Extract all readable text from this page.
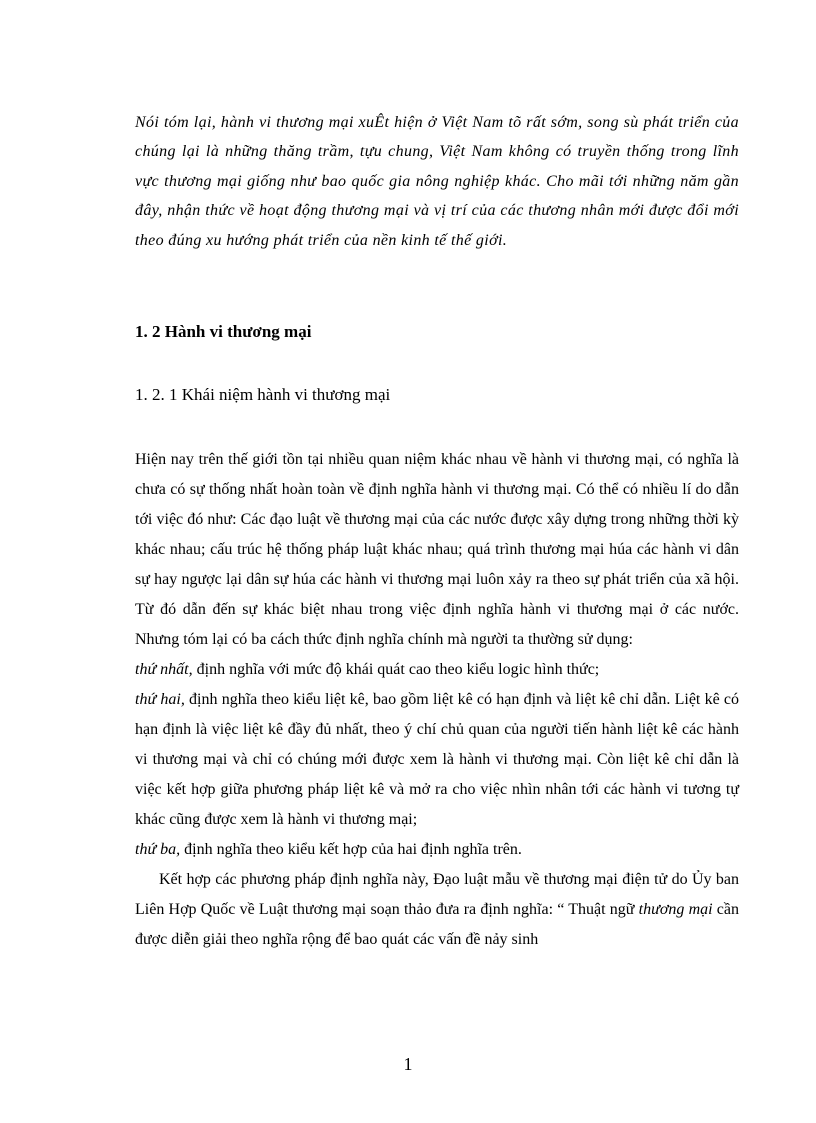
Nói tóm lại, hành vi thương mại xuÊt hiện ở Việt Nam tõ rất sớm, song sù phát triển của chúng lại là những thăng trầm, tựu chung, Việt Nam không có truyền thống trong lĩnh vực thương mại giống như bao quốc gia nông nghiệp khác. Cho mãi tới những năm gần đây, nhận thức về hoạt động thương mại và vị trí của các thương nhân mới được đổi mới theo đúng xu hướng phát triển của nền kinh tế thế giới.
1. 2 Hành vi thương mại
1. 2. 1 Khái niệm hành vi thương mại

Hiện nay trên thế giới tồn tại nhiều quan niệm khác nhau về hành vi thương mại, có nghĩa là chưa có sự thống nhất hoàn toàn về định nghĩa hành vi thương mại. Có thể có nhiều lí do dẫn tới việc đó như: Các đạo luật về thương mại của các nước được xây dựng trong những thời kỳ khác nhau; cấu trúc hệ thống pháp luật khác nhau; quá trình thương mại húa các hành vi dân sự hay ngược lại dân sự húa các hành vi thương mại luôn xảy ra theo sự phát triển của xã hội. Từ đó dẫn đến sự khác biệt nhau trong việc định nghĩa hành vi thương mại ở các nước. Nhưng tóm lại có ba cách thức định nghĩa chính mà người ta thường sử dụng:

thứ nhất, định nghĩa với mức độ khái quát cao theo kiểu logic hình thức;

thứ hai, định nghĩa theo kiểu liệt kê, bao gồm liệt kê có hạn định và liệt kê chỉ dẫn. Liệt kê có hạn định là việc liệt kê đầy đủ nhất, theo ý chí chủ quan của người tiến hành liệt kê các hành vi thương mại và chỉ có chúng mới được xem là hành vi thương mại. Còn liệt kê chỉ dẫn là việc kết hợp giữa phương pháp liệt kê và mở ra cho việc nhìn nhân tới các hành vi tương tự khác cũng được xem là hành vi thương mại;

thứ ba, định nghĩa theo kiểu kết hợp của hai định nghĩa trên.

Kết hợp các phương pháp định nghĩa này, Đạo luật mẫu về thương mại điện tử do Ủy ban Liên Hợp Quốc về Luật thương mại soạn thảo đưa ra định nghĩa: “ Thuật ngữ thương mại cần được diễn giải theo nghĩa rộng để bao quát các vấn đề nảy sinh

1
